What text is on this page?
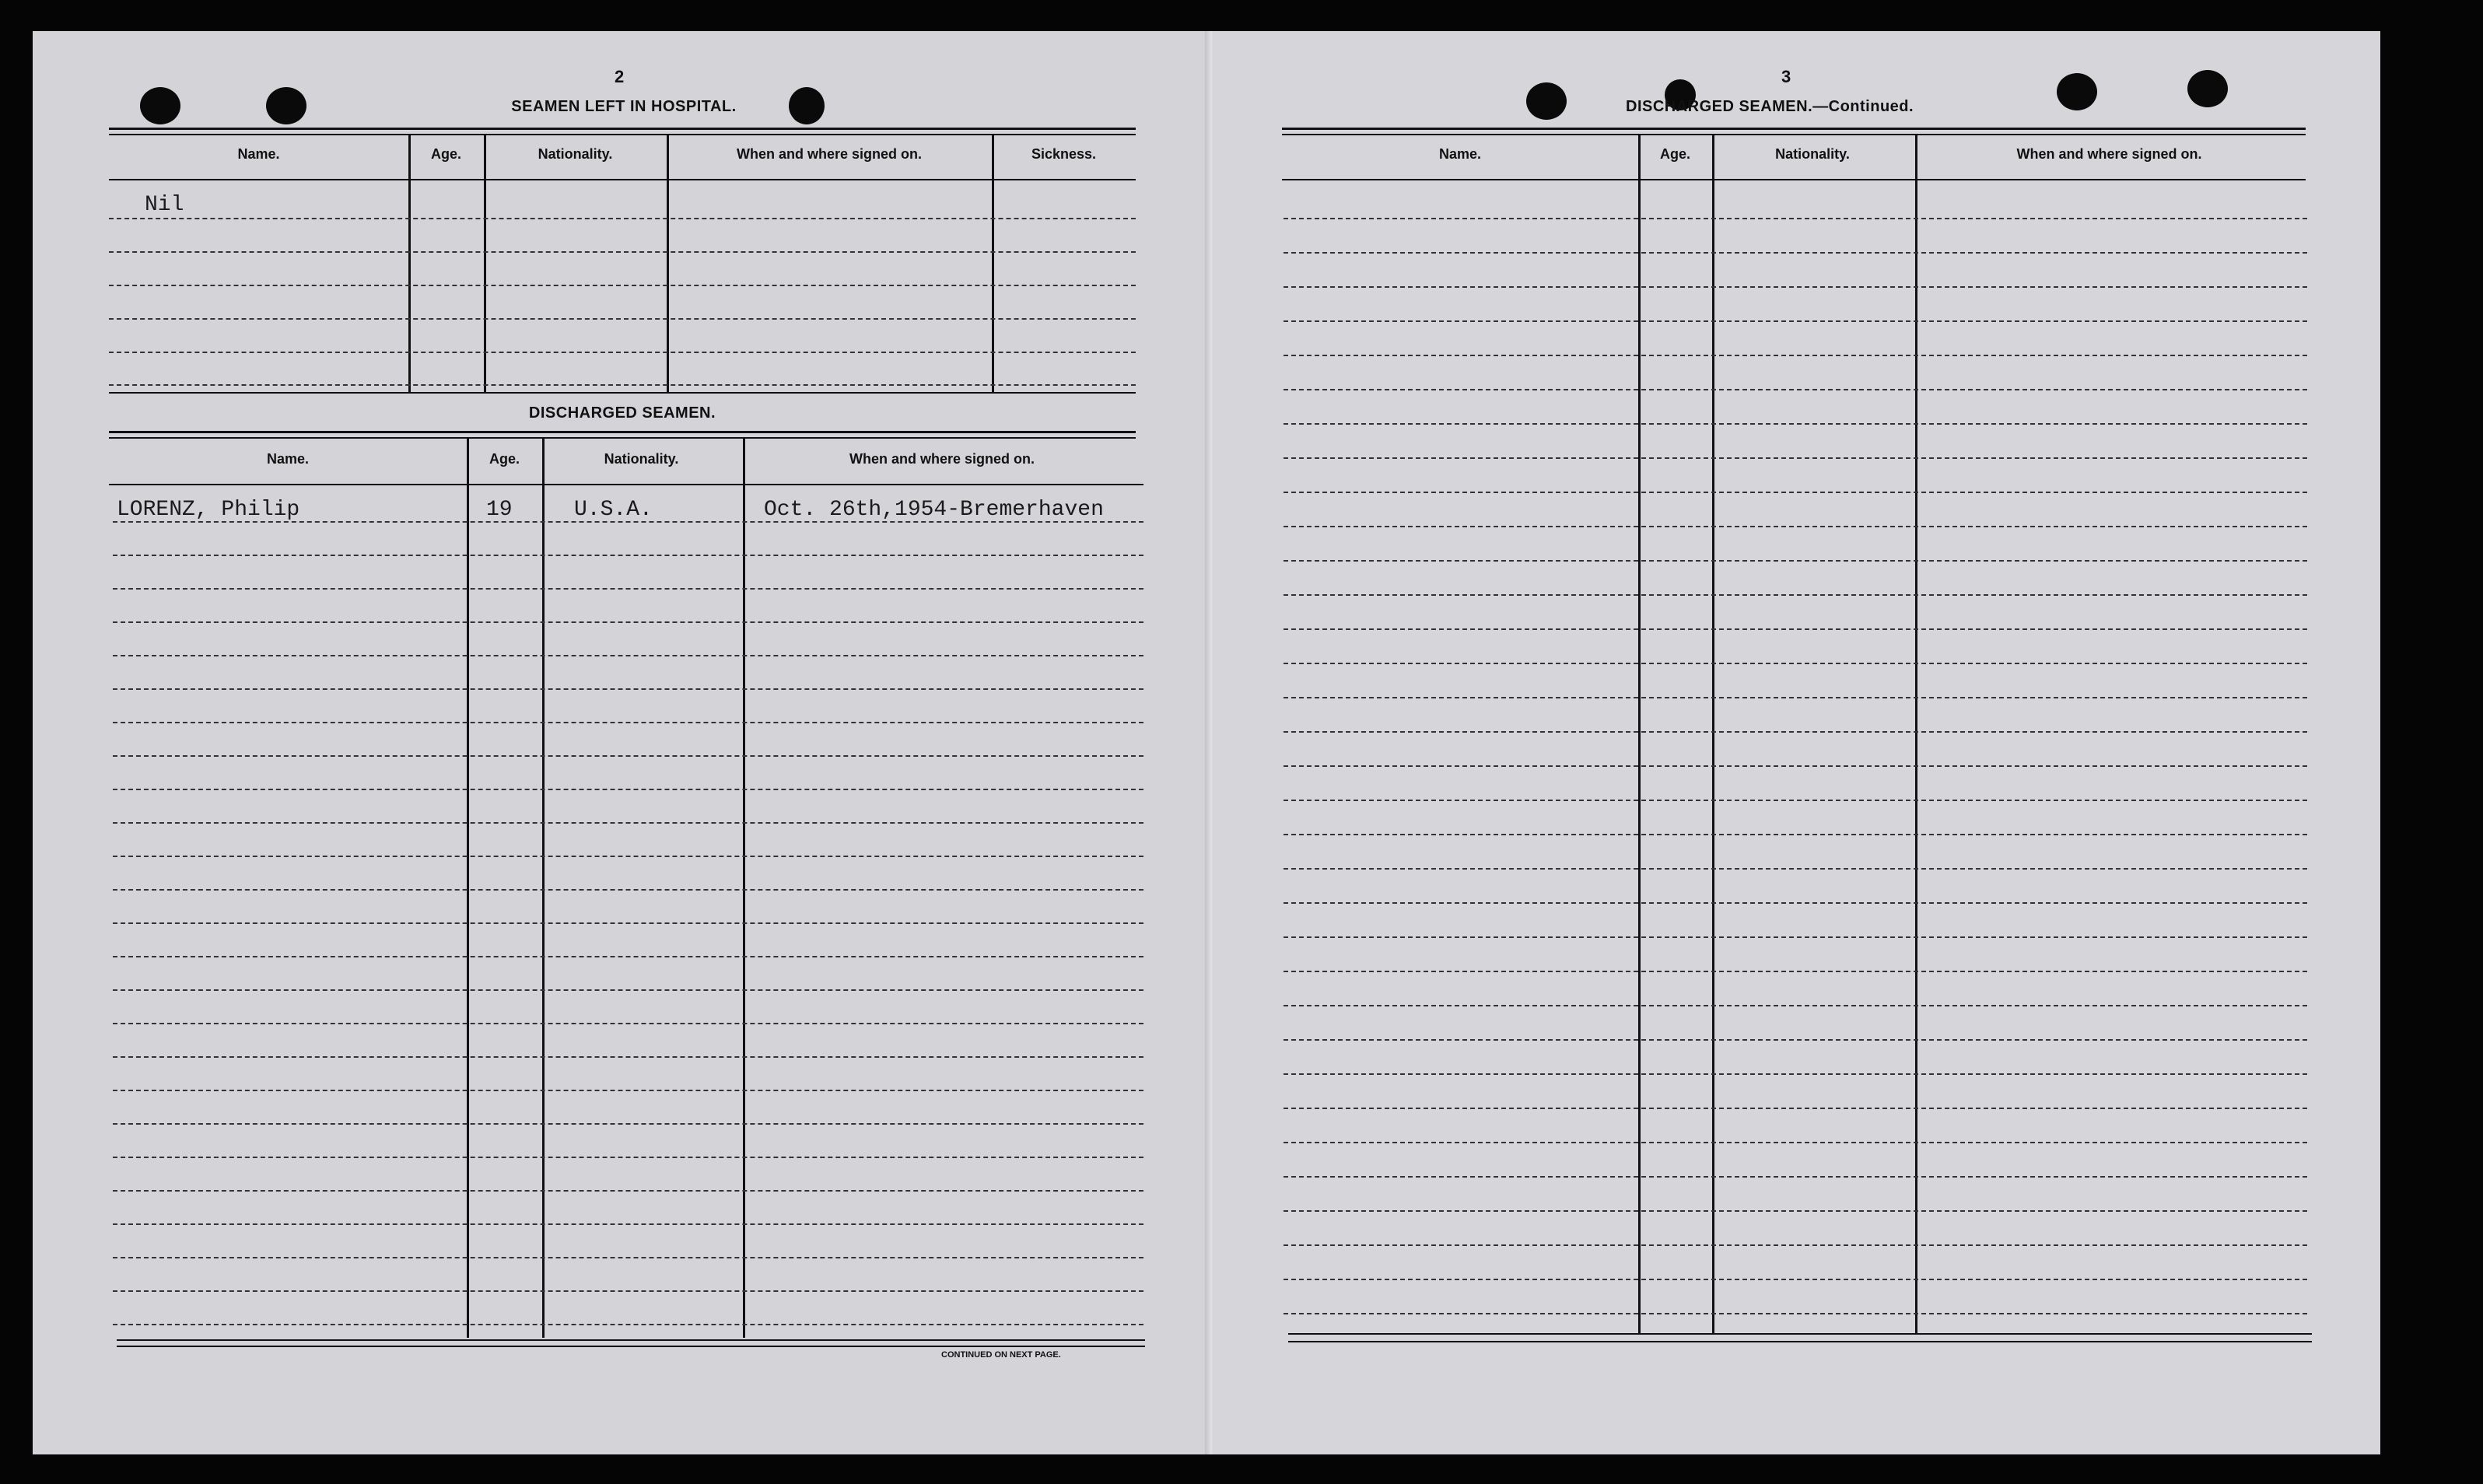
2
SEAMEN LEFT IN HOSPITAL.
Name.	Age.	Nationality.	When and where signed on.	Sickness.
Nil
DISCHARGED SEAMEN.
Name.	Age.	Nationality.	When and where signed on.
LORENZ, Philip	19	U.S.A.	Oct. 26th,1954-Bremerhaven
CONTINUED ON NEXT PAGE.
3
DISCHARGED SEAMEN.—Continued.
Name.	Age.	Nationality.	When and where signed on.
